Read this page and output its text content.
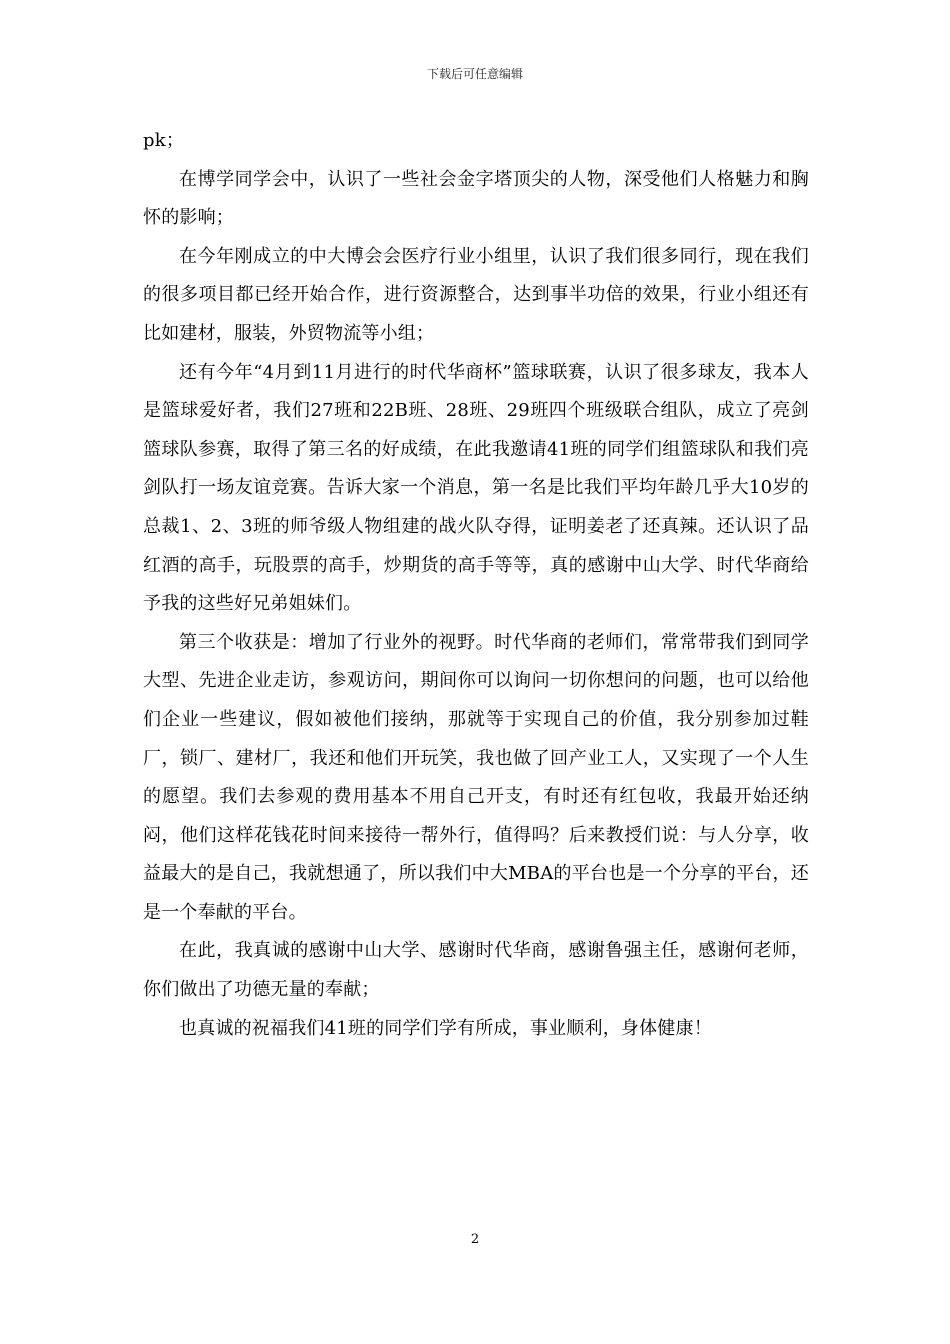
下载后可任意编辑

pk；

在博学同学会中，认识了一些社会金字塔顶尖的人物，深受他们人格魅力和胸怀的影响；

在今年刚成立的中大博会会医疗行业小组里，认识了我们很多同行，现在我们的很多项目都已经开始合作，进行资源整合，达到事半功倍的效果，行业小组还有比如建材，服装，外贸物流等小组；

还有今年“4月到11月进行的时代华商杯”篮球联赛，认识了很多球友，我本人是篮球爱好者，我们27班和22B班、28班、29班四个班级联合组队，成立了亮剑篮球队参赛，取得了第三名的好成绩，在此我邀请41班的同学们组篮球队和我们亮剑队打一场友谊竞赛。告诉大家一个消息，第一名是比我们平均年龄几乎大10岁的总裁1、2、3班的师爷级人物组建的战火队夺得，证明姜老了还真辣。还认识了品红酒的高手，玩股票的高手，炒期货的高手等等，真的感谢中山大学、时代华商给予我的这些好兄弟姐妹们。

第三个收获是：增加了行业外的视野。时代华商的老师们，常常带我们到同学大型、先进企业走访，参观访问，期间你可以询问一切你想问的问题，也可以给他们企业一些建议，假如被他们接纳，那就等于实现自己的价值，我分别参加过鞋厂，锁厂、建材厂，我还和他们开玩笑，我也做了回产业工人，又实现了一个人生的愿望。我们去参观的费用基本不用自己开支，有时还有红包收，我最开始还纳闷，他们这样花钱花时间来接待一帮外行，值得吗？后来教授们说：与人分享，收益最大的是自己，我就想通了，所以我们中大MBA的平台也是一个分享的平台，还是一个奉献的平台。

在此，我真诚的感谢中山大学、感谢时代华商，感谢鲁强主任，感谢何老师，你们做出了功德无量的奉献；

也真诚的祝福我们41班的同学们学有所成，事业顺利，身体健康！

2
